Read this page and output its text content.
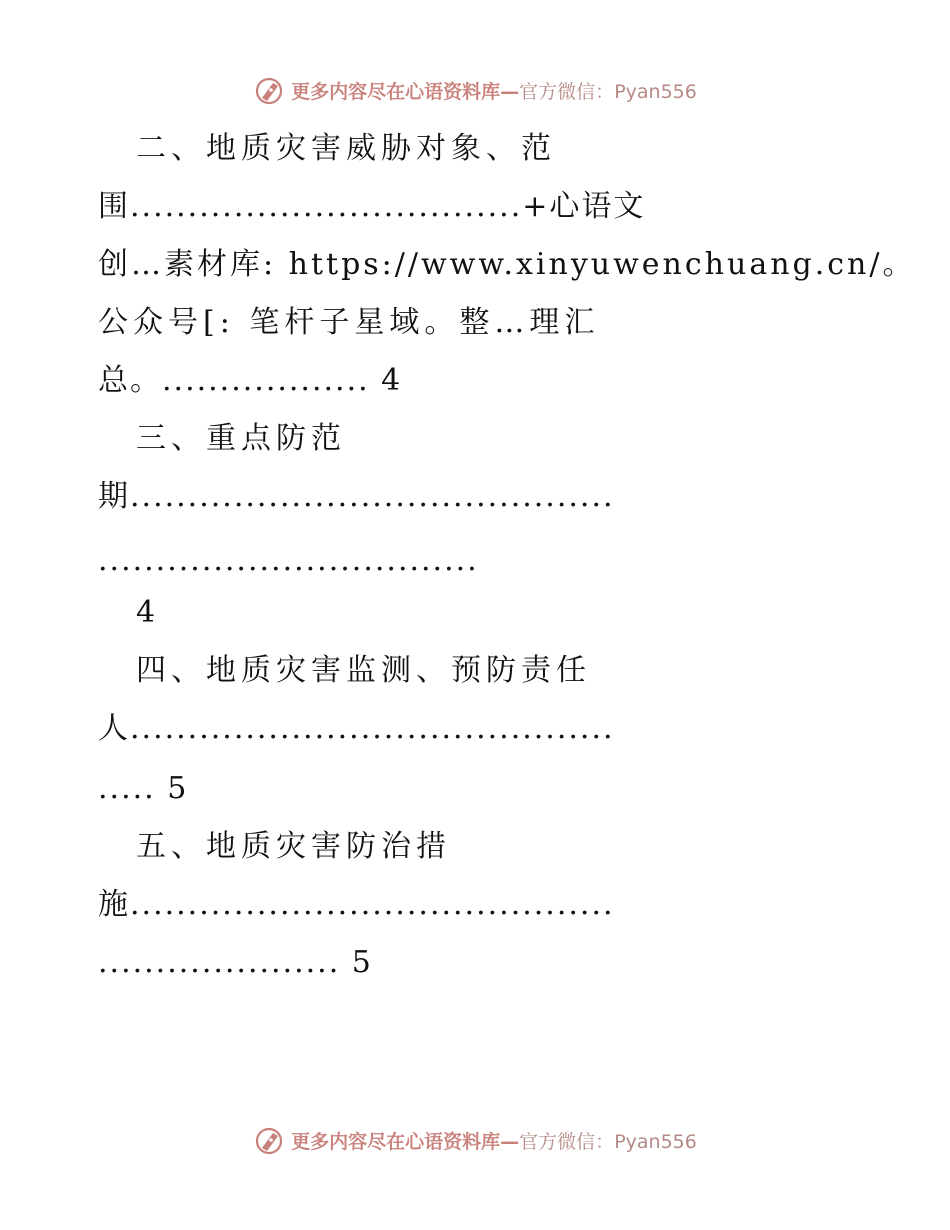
更多内容尽在心语资料库—官方微信：Pyan556
二、地质灾害威胁对象、范
围..................................+心语文
创…素材库: https://www.xinyuwenchuang.cn/。
公众号[: 笔杆子星域。整…理汇
总。.................. 4
三、重点防范
期..........................................
.................................
4
四、地质灾害监测、预防责任
人..........................................
..... 5
五、地质灾害防治措
施..........................................
..................... 5
更多内容尽在心语资料库—官方微信：Pyan556
